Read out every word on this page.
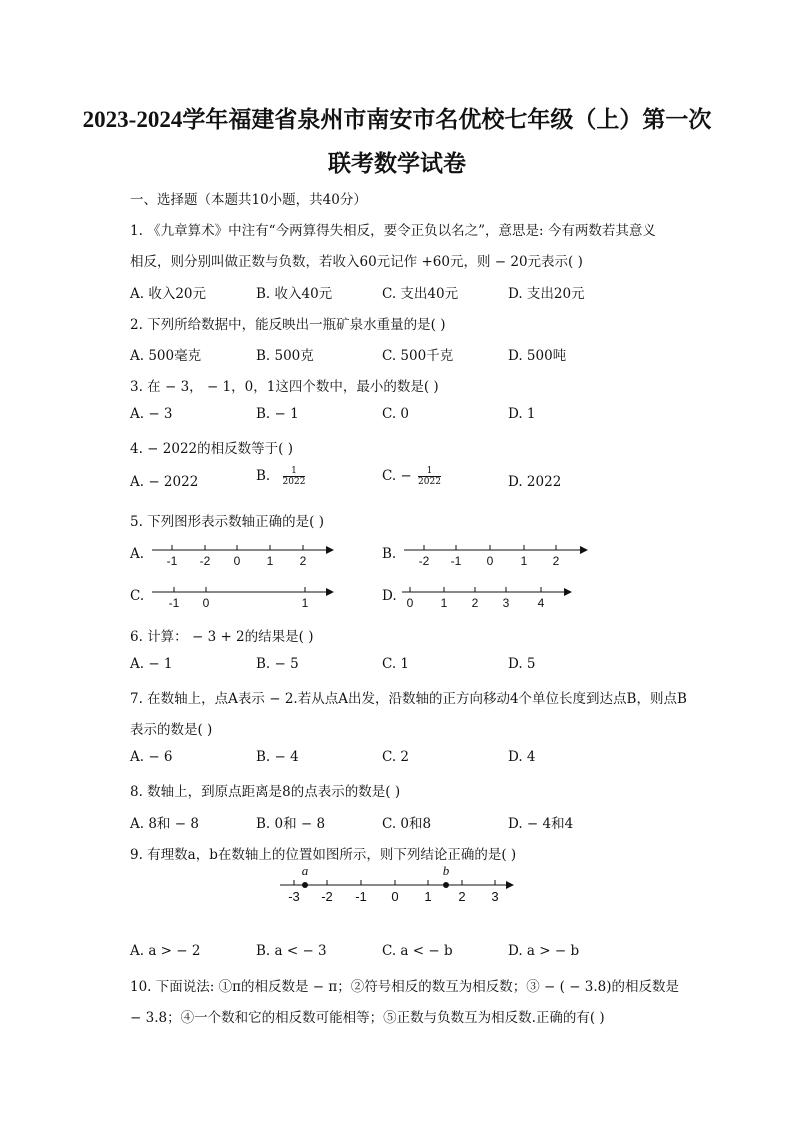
2023-2024学年福建省泉州市南安市名优校七年级（上）第一次
联考数学试卷
一、选择题（本题共10小题，共40分）
1. 《九章算术》中注有“今两算得失相反，要令正负以名之”，意思是: 今有两数若其意义
相反，则分别叫做正数与负数，若收入60元记作 +60元，则 − 20元表示( )
A. 收入20元	B. 收入40元	C. 支出40元	D. 支出20元
2. 下列所给数据中，能反映出一瓶矿泉水重量的是( )
A. 500毫克	B. 500克	C. 500千克	D. 500吨
3. 在 − 3， − 1，0，1这四个数中，最小的数是( )
A. − 3	B. − 1	C. 0	D. 1
4. − 2022的相反数等于( )
A. − 2022	B. $\frac{1}{2022}$	C. − $\frac{1}{2022}$	D. 2022
5. 下列图形表示数轴正确的是( )
A. -1 -2 0 1 2	B. -2 -1 0 1 2
C. -1 0	1	D. 0 1 2 3 4
6. 计算： − 3 + 2的结果是( )
A. − 1	B. − 5	C. 1	D. 5
7. 在数轴上，点A表示 − 2.若从点A出发，沿数轴的正方向移动4个单位长度到达点B，则点B
表示的数是( )
A. − 6	B. − 4	C. 2	D. 4
8. 数轴上，到原点距离是8的点表示的数是( )
A. 8和 − 8	B. 0和 − 8	C. 0和8	D. − 4和4
9. 有理数a，b在数轴上的位置如图所示，则下列结论正确的是( )
a	b
-3 -2 -1 0 1 2 3
A. a > − 2	B. a < − 3	C. a < − b	D. a > − b
10. 下面说法: ①π的相反数是 − π；②符号相反的数互为相反数；③ − ( − 3.8)的相反数是
− 3.8；④一个数和它的相反数可能相等；⑤正数与负数互为相反数.正确的有( )
